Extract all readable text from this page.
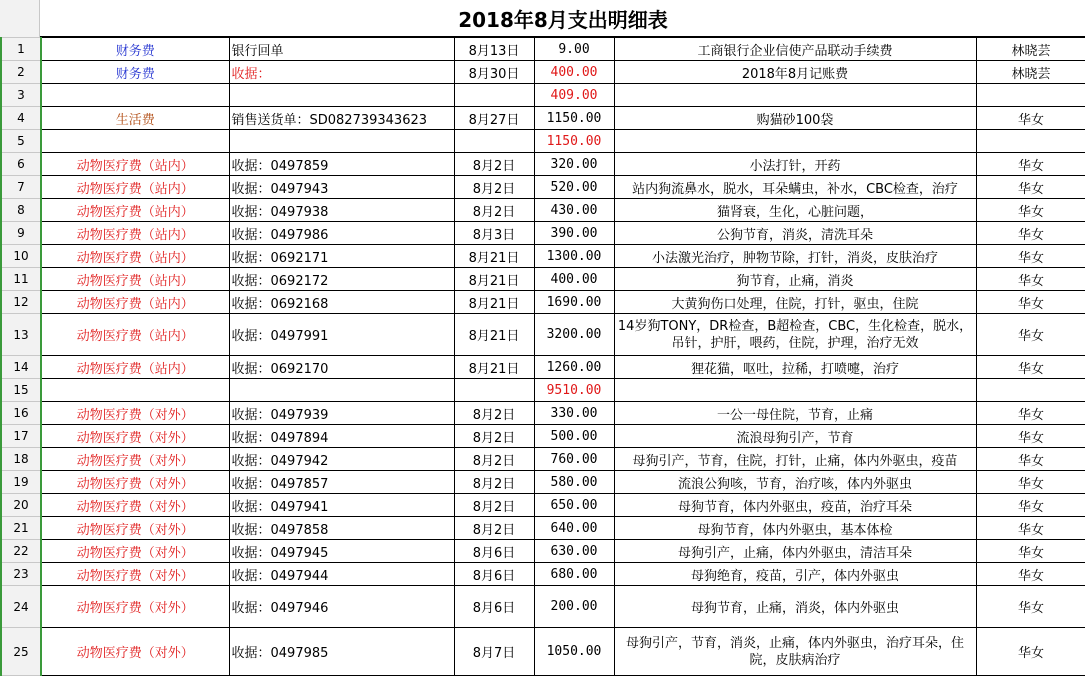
2018年8月支出明细表
1	财务费	银行回单	8月13日	9.00	工商银行企业信使产品联动手续费	林晓芸
2	财务费	收据：	8月30日	400.00	2018年8月记账费	林晓芸
3				409.00		
4	生活费	销售送货单：SD082739343623	8月27日	1150.00	购猫砂100袋	华女
5				1150.00		
6	动物医疗费（站内）	收据：0497859	8月2日	320.00	小法打针，开药	华女
7	动物医疗费（站内）	收据：0497943	8月2日	520.00	站内狗流鼻水，脱水，耳朵螨虫，补水，CBC检查，治疗	华女
8	动物医疗费（站内）	收据：0497938	8月2日	430.00	猫肾衰，生化，心脏问题，	华女
9	动物医疗费（站内）	收据：0497986	8月3日	390.00	公狗节育，消炎，清洗耳朵	华女
10	动物医疗费（站内）	收据：0692171	8月21日	1300.00	小法激光治疗，肿物节除，打针，消炎，皮肤治疗	华女
11	动物医疗费（站内）	收据：0692172	8月21日	400.00	狗节育，止痛，消炎	华女
12	动物医疗费（站内）	收据：0692168	8月21日	1690.00	大黄狗伤口处理，住院，打针，驱虫，住院	华女
13	动物医疗费（站内）	收据：0497991	8月21日	3200.00	14岁狗TONY，DR检查，B超检查，CBC，生化检查，脱水，吊针，护肝，喂药，住院，护理，治疗无效	华女
14	动物医疗费（站内）	收据：0692170	8月21日	1260.00	狸花猫，呕吐，拉稀，打喷嚏，治疗	华女
15				9510.00		
16	动物医疗费（对外）	收据：0497939	8月2日	330.00	一公一母住院，节育，止痛	华女
17	动物医疗费（对外）	收据：0497894	8月2日	500.00	流浪母狗引产，节育	华女
18	动物医疗费（对外）	收据：0497942	8月2日	760.00	母狗引产，节育，住院，打针，止痛，体内外驱虫，疫苗	华女
19	动物医疗费（对外）	收据：0497857	8月2日	580.00	流浪公狗咳，节育，治疗咳，体内外驱虫	华女
20	动物医疗费（对外）	收据：0497941	8月2日	650.00	母狗节育，体内外驱虫，疫苗，治疗耳朵	华女
21	动物医疗费（对外）	收据：0497858	8月2日	640.00	母狗节育，体内外驱虫，基本体检	华女
22	动物医疗费（对外）	收据：0497945	8月6日	630.00	母狗引产，止痛，体内外驱虫，清洁耳朵	华女
23	动物医疗费（对外）	收据：0497944	8月6日	680.00	母狗绝育，疫苗，引产，体内外驱虫	华女
24	动物医疗费（对外）	收据：0497946	8月6日	200.00	母狗节育，止痛，消炎，体内外驱虫	华女
25	动物医疗费（对外）	收据：0497985	8月7日	1050.00	母狗引产，节育，消炎，止痛，体内外驱虫，治疗耳朵，住院，皮肤病治疗	华女
